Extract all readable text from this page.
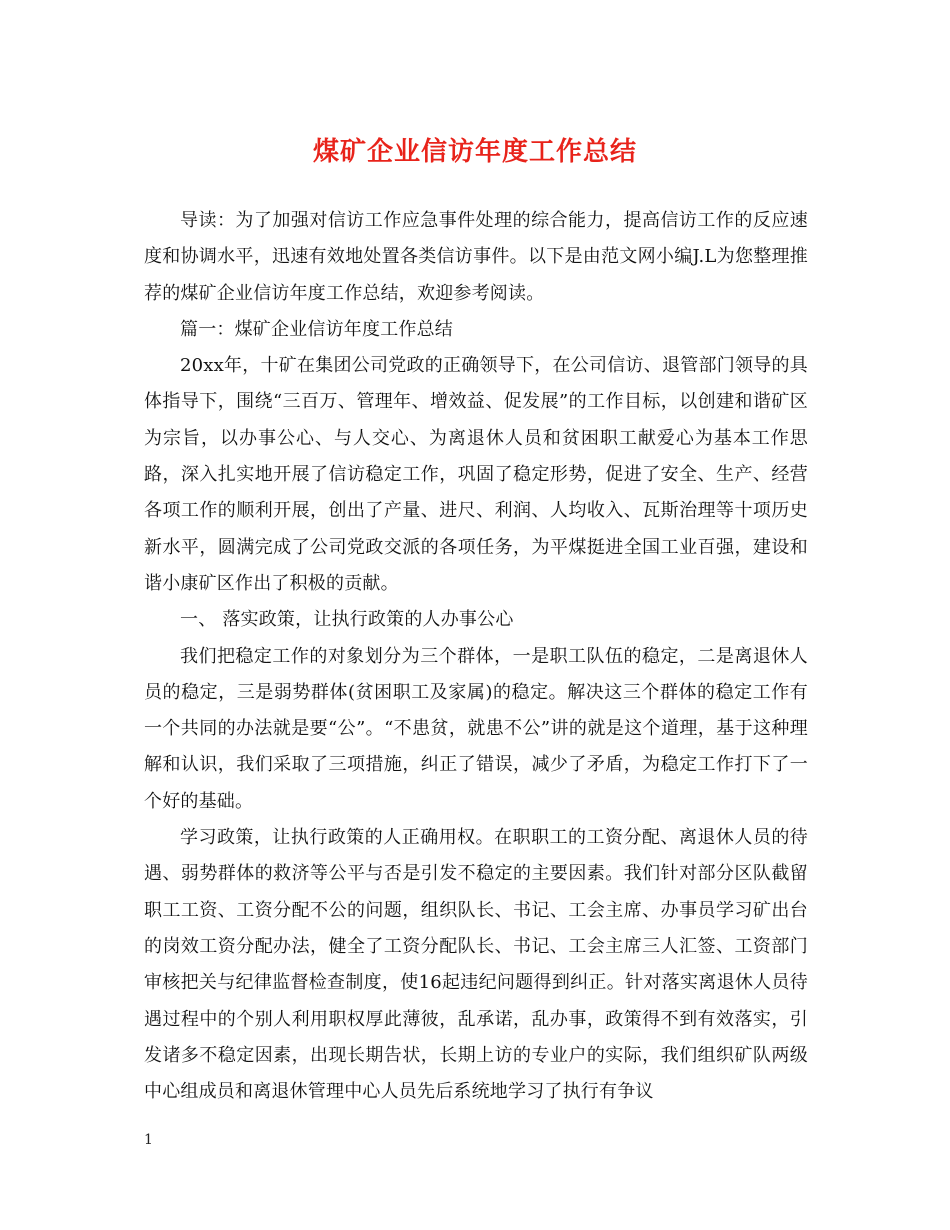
煤矿企业信访年度工作总结

导读：为了加强对信访工作应急事件处理的综合能力，提高信访工作的反应速度和协调水平，迅速有效地处置各类信访事件。以下是由范文网小编J.L为您整理推荐的煤矿企业信访年度工作总结，欢迎参考阅读。

篇一：煤矿企业信访年度工作总结

20xx年，十矿在集团公司党政的正确领导下，在公司信访、退管部门领导的具体指导下，围绕“三百万、管理年、增效益、促发展”的工作目标，以创建和谐矿区为宗旨，以办事公心、与人交心、为离退休人员和贫困职工献爱心为基本工作思路，深入扎实地开展了信访稳定工作，巩固了稳定形势，促进了安全、生产、经营各项工作的顺利开展，创出了产量、进尺、利润、人均收入、瓦斯治理等十项历史新水平，圆满完成了公司党政交派的各项任务，为平煤挺进全国工业百强，建设和谐小康矿区作出了积极的贡献。

一、 落实政策，让执行政策的人办事公心

我们把稳定工作的对象划分为三个群体，一是职工队伍的稳定，二是离退休人员的稳定，三是弱势群体(贫困职工及家属)的稳定。解决这三个群体的稳定工作有一个共同的办法就是要“公”。“不患贫，就患不公”讲的就是这个道理，基于这种理解和认识，我们采取了三项措施，纠正了错误，减少了矛盾，为稳定工作打下了一个好的基础。

学习政策，让执行政策的人正确用权。在职职工的工资分配、离退休人员的待遇、弱势群体的救济等公平与否是引发不稳定的主要因素。我们针对部分区队截留职工工资、工资分配不公的问题，组织队长、书记、工会主席、办事员学习矿出台的岗效工资分配办法，健全了工资分配队长、书记、工会主席三人汇签、工资部门审核把关与纪律监督检查制度，使16起违纪问题得到纠正。针对落实离退休人员待遇过程中的个别人利用职权厚此薄彼，乱承诺，乱办事，政策得不到有效落实，引发诸多不稳定因素，出现长期告状，长期上访的专业户的实际，我们组织矿队两级中心组成员和离退休管理中心人员先后系统地学习了执行有争议

1
